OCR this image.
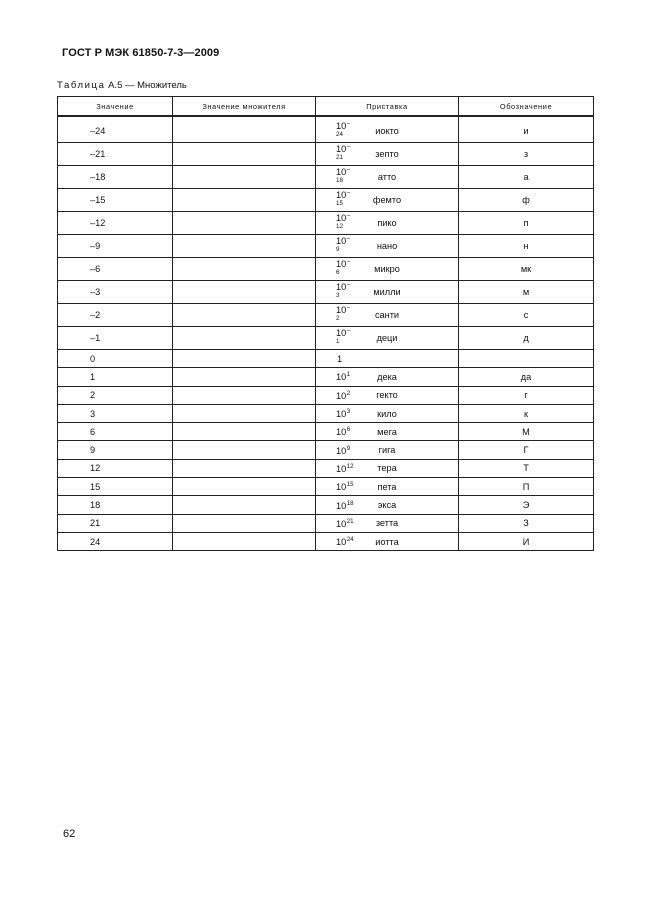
ГОСТ Р МЭК 61850-7-3—2009
Таблица А.5 — Множитель
Значение	Значение множителя	Приставка	Обозначение
–24	$10^{-24}$	иокто	и
–21	$10^{-21}$	зепто	з
–18	$10^{-18}$	атто	а
–15	$10^{-15}$	фемто	ф
–12	$10^{-12}$	пико	п
–9	$10^{-9}$	нано	н
–6	$10^{-6}$	микро	мк
–3	$10^{-3}$	милли	м
–2	$10^{-2}$	санти	с
–1	$10^{-1}$	деци	д
0	1		
1	$10^1$	дека	да
2	$10^2$	гекто	г
3	$10^3$	кило	к
6	$10^6$	мега	М
9	$10^9$	гига	Г
12	$10^{12}$	тера	Т
15	$10^{15}$	пета	П
18	$10^{18}$	экса	Э
21	$10^{21}$	зетта	З
24	$10^{24}$	иотта	И
62
